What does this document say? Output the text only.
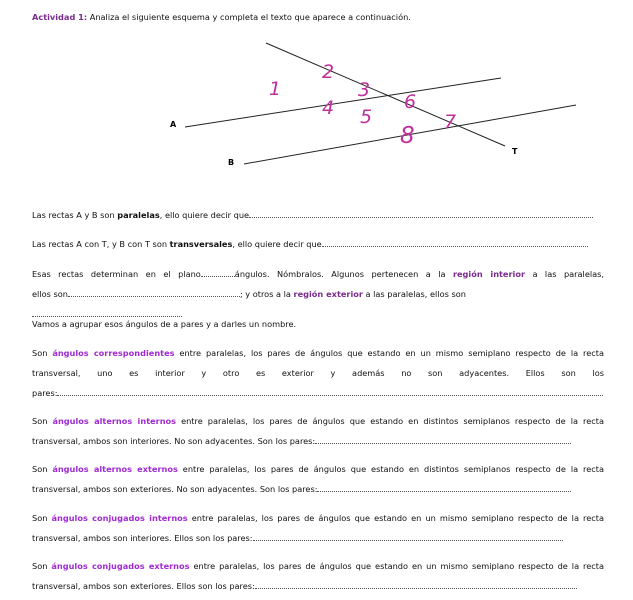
Actividad 1: Analiza el siguiente esquema y completa el texto que aparece a continuación.
A
B
T
1
2
3
4 5
6
7
8
Las rectas A y B son paralelas, ello quiere decir que
Las rectas A con T, y B con T son transversales, ello quiere decir que
Esas rectas determinan en el plano	ángulos. Nómbralos. Algunos pertenecen a la región interior a las paralelas,
ellos son	; y otros a la región exterior a las paralelas, ellos son
Vamos a agrupar esos ángulos de a pares y a darles un nombre.
Son ángulos correspondientes entre paralelas, los pares de ángulos que estando en un mismo semiplano respecto de la recta
transversal, uno es interior y otro es exterior y además no son adyacentes. Ellos son los
pares:
Son ángulos alternos internos entre paralelas, los pares de ángulos que estando en distintos semiplanos respecto de la recta
transversal, ambos son interiores. No son adyacentes. Son los pares:
Son ángulos alternos externos entre paralelas, los pares de ángulos que estando en distintos semiplanos respecto de la recta
transversal, ambos son exteriores. No son adyacentes. Son los pares:
Son ángulos conjugados internos entre paralelas, los pares de ángulos que estando en un mismo semiplano respecto de la recta
transversal, ambos son interiores. Ellos son los pares:
Son ángulos conjugados externos entre paralelas, los pares de ángulos que estando en un mismo semiplano respecto de la recta
transversal, ambos son exteriores. Ellos son los pares:
